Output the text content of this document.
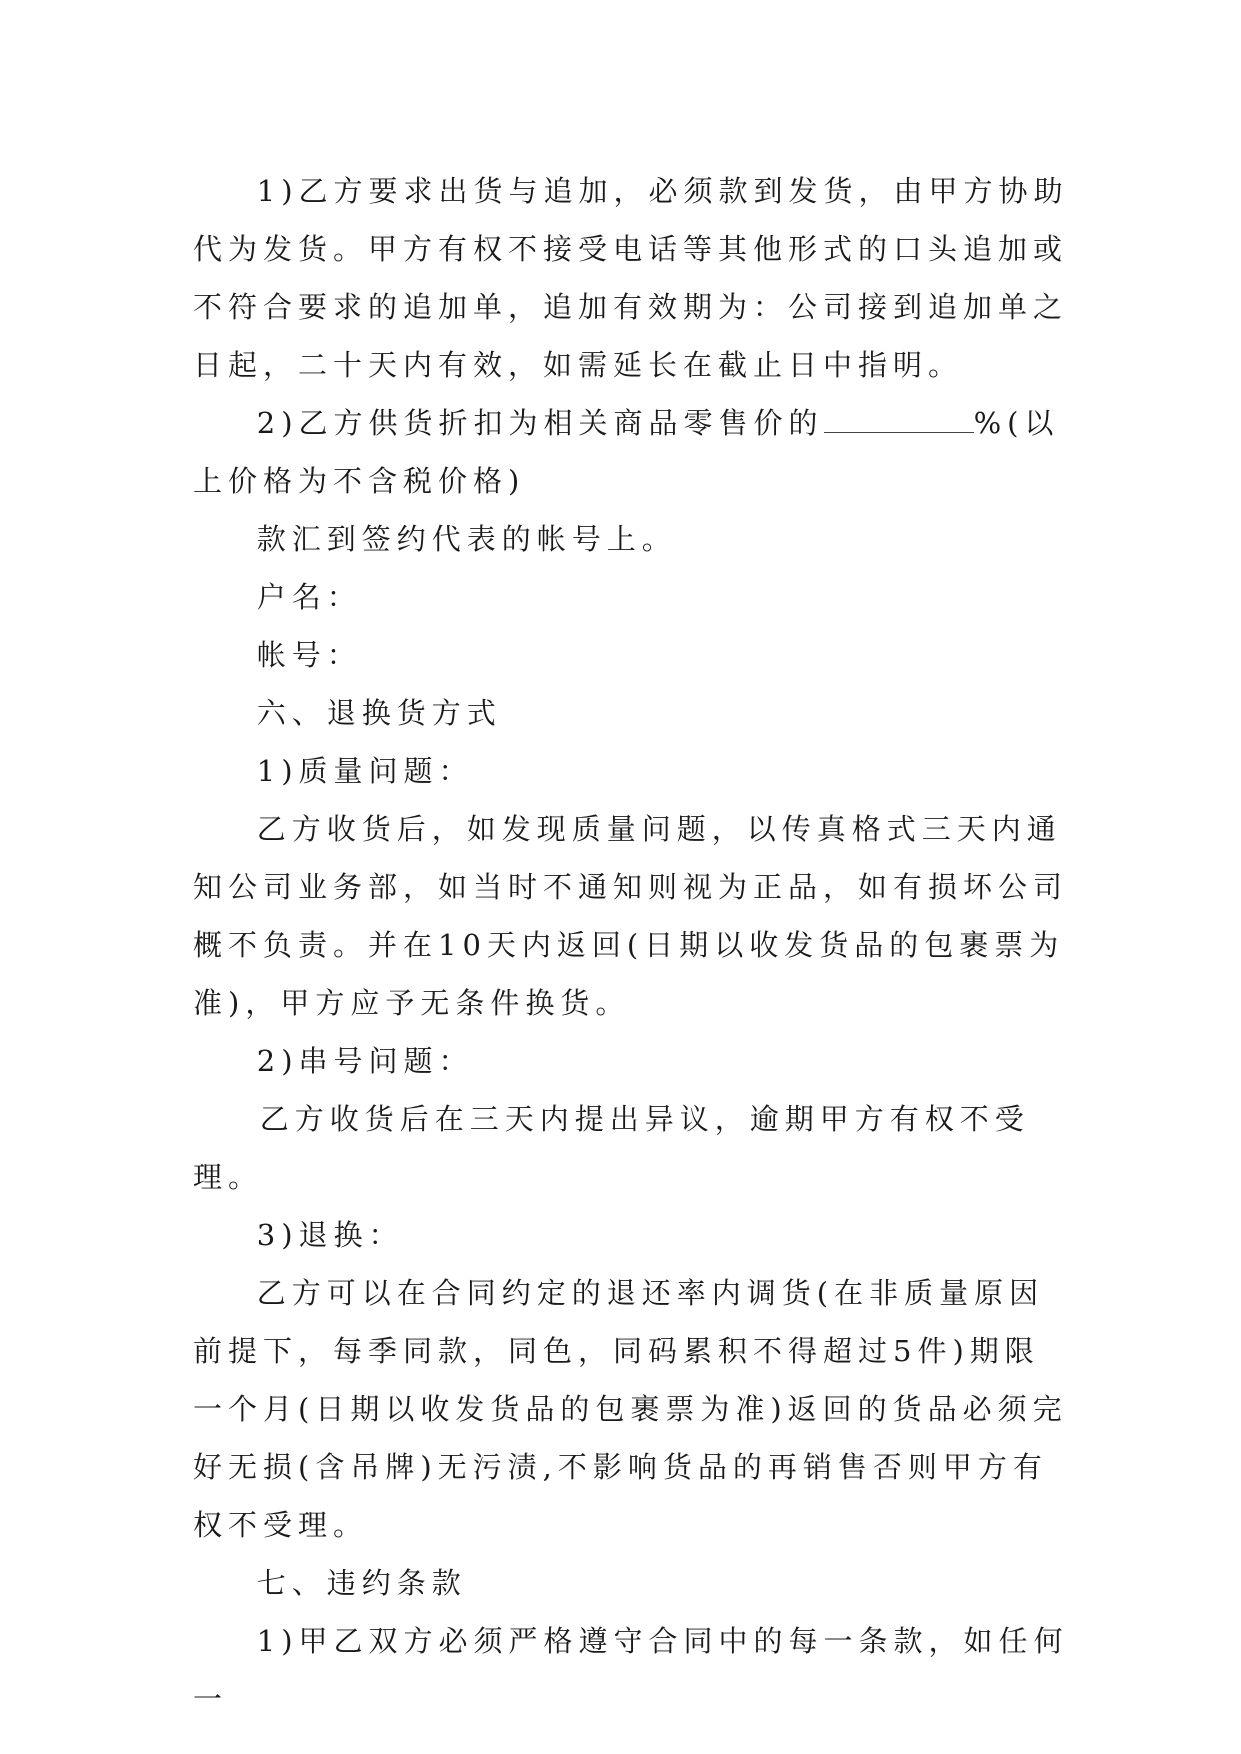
1)乙方要求出货与追加，必须款到发货，由甲方协助代为发货。甲方有权不接受电话等其他形式的口头追加或不符合要求的追加单，追加有效期为：公司接到追加单之日起，二十天内有效，如需延长在截止日中指明。

2)乙方供货折扣为相关商品零售价的	%(以上价格为不含税价格)

款汇到签约代表的帐号上。

户名：

帐号：

六、退换货方式

1)质量问题：

乙方收货后，如发现质量问题，以传真格式三天内通知公司业务部，如当时不通知则视为正品，如有损坏公司概不负责。并在10天内返回(日期以收发货品的包裹票为准)，甲方应予无条件换货。

2)串号问题：

乙方收货后在三天内提出异议，逾期甲方有权不受理。

3)退换：

乙方可以在合同约定的退还率内调货(在非质量原因前提下，每季同款，同色，同码累积不得超过5件)期限一个月(日期以收发货品的包裹票为准)返回的货品必须完好无损(含吊牌)无污渍,不影响货品的再销售否则甲方有权不受理。

七、违约条款

1)甲乙双方必须严格遵守合同中的每一条款，如任何一
